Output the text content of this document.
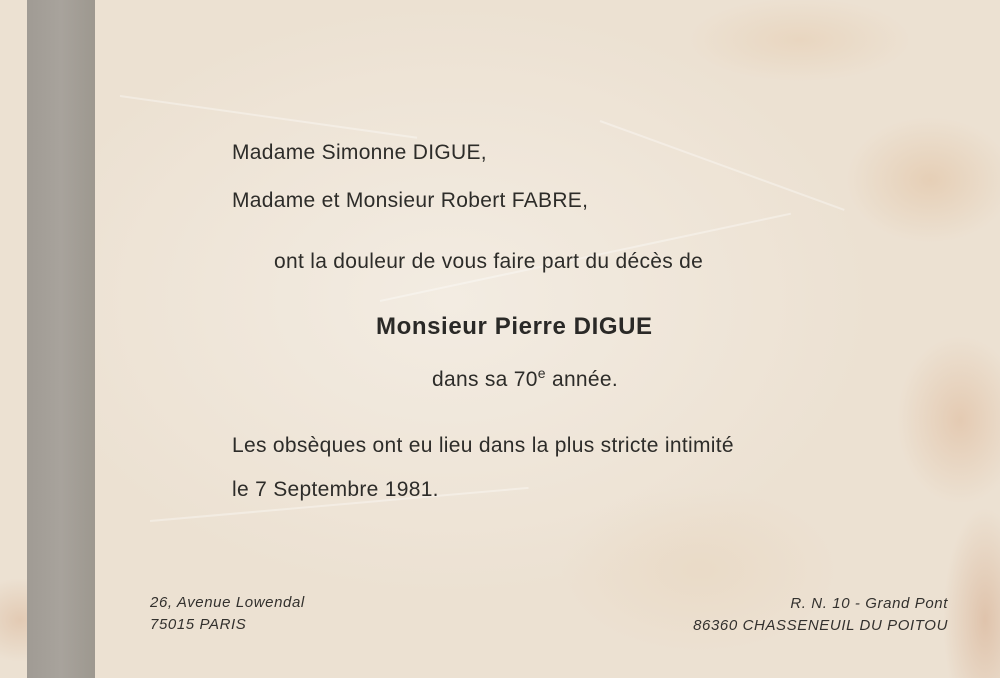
Madame Simonne DIGUE,
Madame et Monsieur Robert FABRE,
ont la douleur de vous faire part du décès de
Monsieur Pierre DIGUE
dans sa 70e année.
Les obsèques ont eu lieu dans la plus stricte intimité
le 7 Septembre 1981.
26, Avenue Lowendal
75015 PARIS
R. N. 10 - Grand Pont
86360 CHASSENEUIL DU POITOU
